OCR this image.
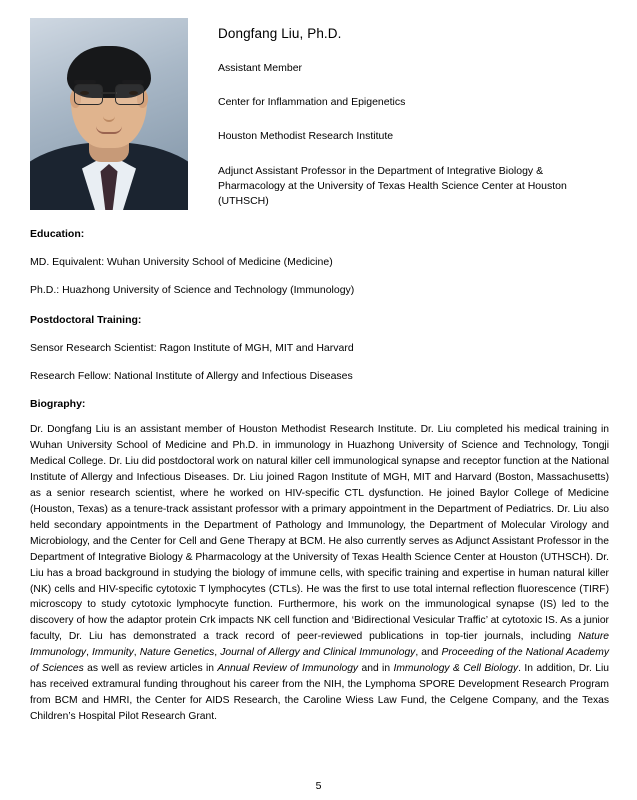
Dongfang Liu, Ph.D.

Assistant Member

Center for Inflammation and Epigenetics

Houston Methodist Research Institute

Adjunct Assistant Professor in the Department of Integrative Biology & Pharmacology at the University of Texas Health Science Center at Houston (UTHSCH)

Education:

MD. Equivalent: Wuhan University School of Medicine (Medicine)

Ph.D.: Huazhong University of Science and Technology (Immunology)

Postdoctoral Training:

Sensor Research Scientist: Ragon Institute of MGH, MIT and Harvard

Research Fellow: National Institute of Allergy and Infectious Diseases

Biography:

Dr. Dongfang Liu is an assistant member of Houston Methodist Research Institute. Dr. Liu completed his medical training in Wuhan University School of Medicine and Ph.D. in immunology in Huazhong University of Science and Technology, Tongji Medical College. Dr. Liu did postdoctoral work on natural killer cell immunological synapse and receptor function at the National Institute of Allergy and Infectious Diseases. Dr. Liu joined Ragon Institute of MGH, MIT and Harvard (Boston, Massachusetts) as a senior research scientist, where he worked on HIV-specific CTL dysfunction. He joined Baylor College of Medicine (Houston, Texas) as a tenure-track assistant professor with a primary appointment in the Department of Pediatrics. Dr. Liu also held secondary appointments in the Department of Pathology and Immunology, the Department of Molecular Virology and Microbiology, and the Center for Cell and Gene Therapy at BCM. He also currently serves as Adjunct Assistant Professor in the Department of Integrative Biology & Pharmacology at the University of Texas Health Science Center at Houston (UTHSCH). Dr. Liu has a broad background in studying the biology of immune cells, with specific training and expertise in human natural killer (NK) cells and HIV-specific cytotoxic T lymphocytes (CTLs). He was the first to use total internal reflection fluorescence (TIRF) microscopy to study cytotoxic lymphocyte function. Furthermore, his work on the immunological synapse (IS) led to the discovery of how the adaptor protein Crk impacts NK cell function and ‘Bidirectional Vesicular Traffic’ at cytotoxic IS. As a junior faculty, Dr. Liu has demonstrated a track record of peer-reviewed publications in top-tier journals, including Nature Immunology, Immunity, Nature Genetics, Journal of Allergy and Clinical Immunology, and Proceeding of the National Academy of Sciences as well as review articles in Annual Review of Immunology and in Immunology & Cell Biology. In addition, Dr. Liu has received extramural funding throughout his career from the NIH, the Lymphoma SPORE Development Research Program from BCM and HMRI, the Center for AIDS Research, the Caroline Wiess Law Fund, the Celgene Company, and the Texas Children’s Hospital Pilot Research Grant.

5
